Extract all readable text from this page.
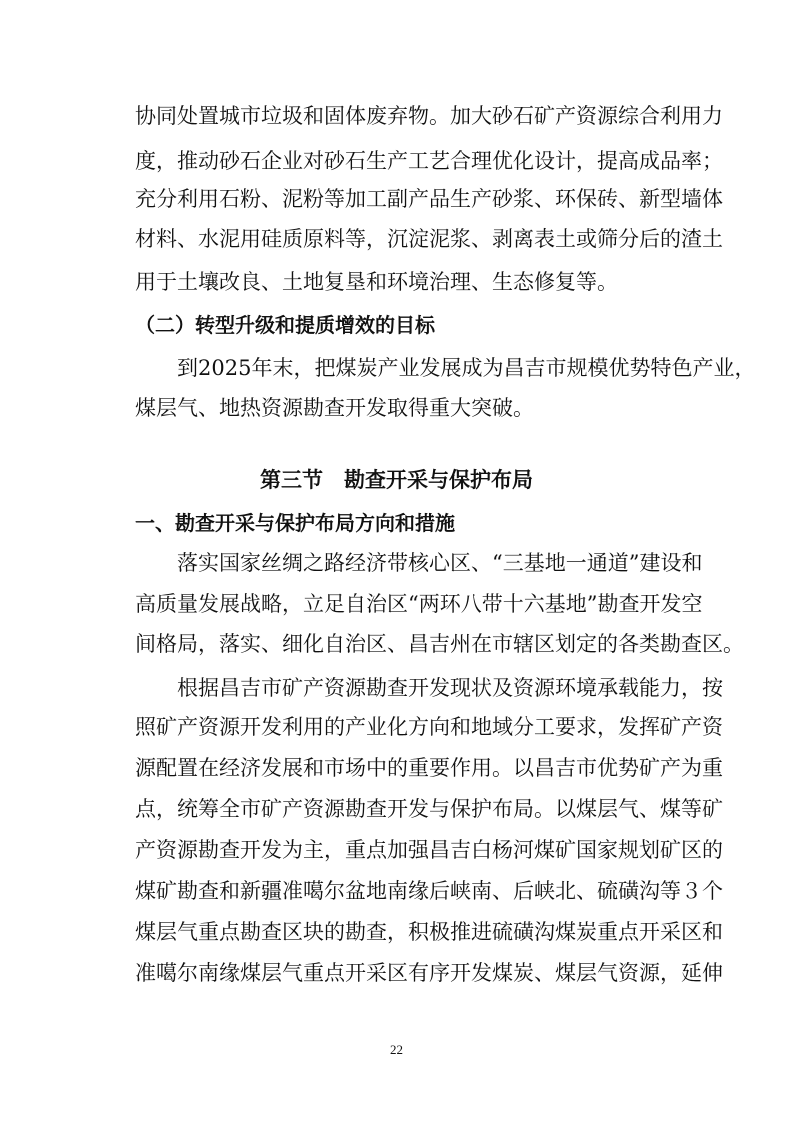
协同处置城市垃圾和固体废弃物。加大砂石矿产资源综合利用力
度，推动砂石企业对砂石生产工艺合理优化设计，提高成品率；
充分利用石粉、泥粉等加工副产品生产砂浆、环保砖、新型墙体
材料、水泥用硅质原料等，沉淀泥浆、剥离表土或筛分后的渣土
用于土壤改良、土地复垦和环境治理、生态修复等。
（二）转型升级和提质增效的目标
到2025年末，把煤炭产业发展成为昌吉市规模优势特色产业，
煤层气、地热资源勘查开发取得重大突破。
第三节　勘查开采与保护布局
一、勘查开采与保护布局方向和措施
落实国家丝绸之路经济带核心区、“三基地一通道”建设和
高质量发展战略，立足自治区“两环八带十六基地”勘查开发空
间格局，落实、细化自治区、昌吉州在市辖区划定的各类勘查区。
根据昌吉市矿产资源勘查开发现状及资源环境承载能力，按
照矿产资源开发利用的产业化方向和地域分工要求，发挥矿产资
源配置在经济发展和市场中的重要作用。以昌吉市优势矿产为重
点，统筹全市矿产资源勘查开发与保护布局。以煤层气、煤等矿
产资源勘查开发为主，重点加强昌吉白杨河煤矿国家规划矿区的
煤矿勘查和新疆准噶尔盆地南缘后峡南、后峡北、硫磺沟等３个
煤层气重点勘查区块的勘查，积极推进硫磺沟煤炭重点开采区和
准噶尔南缘煤层气重点开采区有序开发煤炭、煤层气资源，延伸
22
